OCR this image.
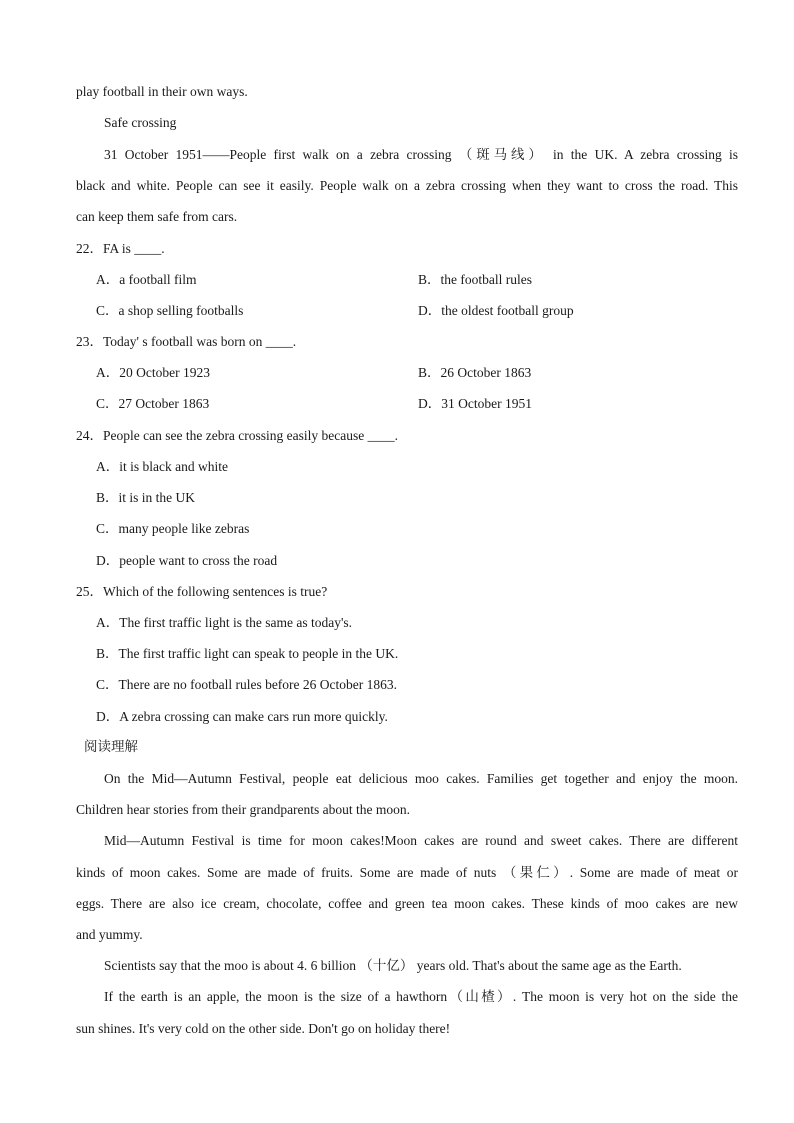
play football in their own ways.
Safe crossing
31 October 1951——People first walk on a zebra crossing （斑马线） in the UK. A zebra crossing is
black and white. People can see it easily. People walk on a zebra crossing when they want to cross the road. This
can keep them safe from cars.
22．FA is ____.
A．a football film	B．the football rules
C．a shop selling footballs	D．the oldest football group
23．Today' s football was born on ____.
A．20 October 1923	B．26 October 1863
C．27 October 1863	D．31 October 1951
24．People can see the zebra crossing easily because ____.
A．it is black and white
B．it is in the UK
C．many people like zebras
D．people want to cross the road
25．Which of the following sentences is true?
A．The first traffic light is the same as today's.
B．The first traffic light can speak to people in the UK.
C．There are no football rules before 26 October 1863.
D．A zebra crossing can make cars run more quickly.
阅读理解
On the Mid—Autumn Festival, people eat delicious moo cakes. Families get together and enjoy the moon.
Children hear stories from their grandparents about the moon.
Mid—Autumn Festival is time for moon cakes!Moon cakes are round and sweet cakes. There are different
kinds of moon cakes. Some are made of fruits. Some are made of nuts （果仁）. Some are made of meat or
eggs. There are also ice cream, chocolate, coffee and green tea moon cakes. These kinds of moo cakes are new
and yummy.
Scientists say that the moo is about 4. 6 billion （十亿） years old. That's about the same age as the Earth.
If the earth is an apple, the moon is the size of a hawthorn（山楂）. The moon is very hot on the side the
sun shines. It's very cold on the other side. Don't go on holiday there!
